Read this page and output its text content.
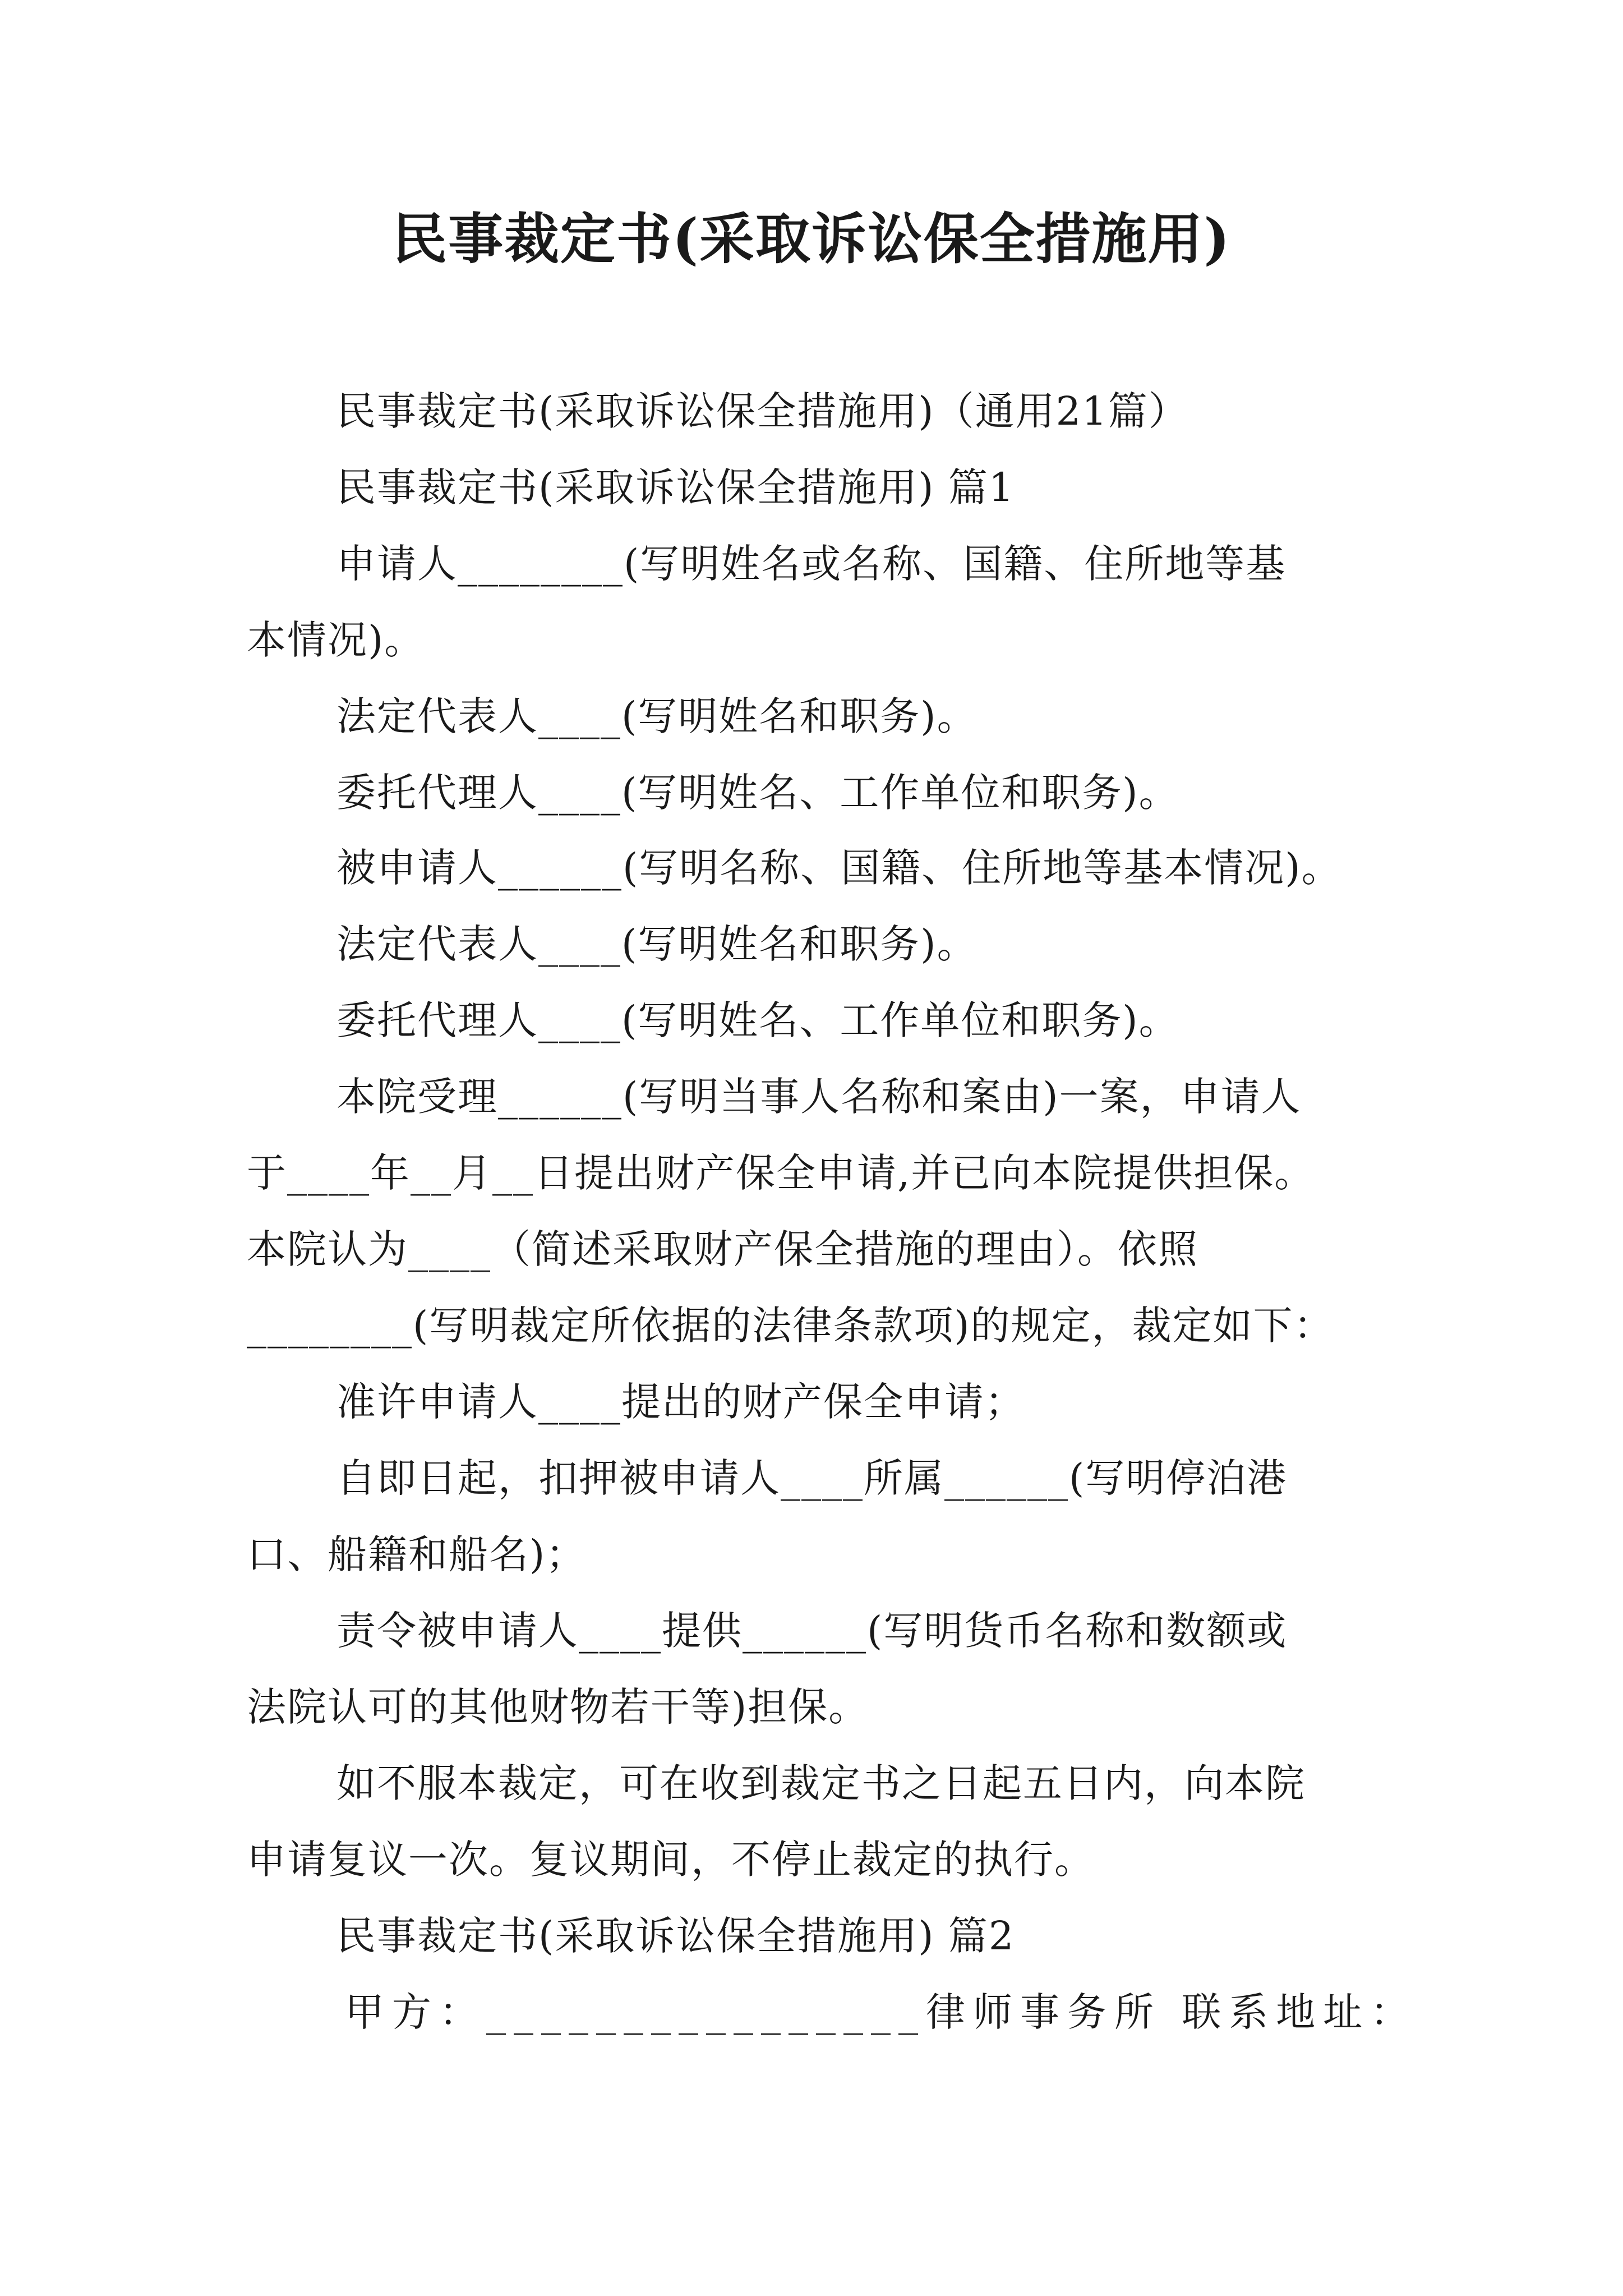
民事裁定书(采取诉讼保全措施用)
民事裁定书(采取诉讼保全措施用)（通用21篇）
民事裁定书(采取诉讼保全措施用) 篇1
申请人________(写明姓名或名称、国籍、住所地等基
本情况)。
法定代表人____(写明姓名和职务)。
委托代理人____(写明姓名、工作单位和职务)。
被申请人______(写明名称、国籍、住所地等基本情况)。
法定代表人____(写明姓名和职务)。
委托代理人____(写明姓名、工作单位和职务)。
本院受理______(写明当事人名称和案由)一案，申请人
于____年__月__日提出财产保全申请,并已向本院提供担保。
本院认为____（简述采取财产保全措施的理由）。依照
________(写明裁定所依据的法律条款项)的规定，裁定如下：
准许申请人____提出的财产保全申请；
自即日起，扣押被申请人____所属______(写明停泊港
口、船籍和船名)；
责令被申请人____提供______(写明货币名称和数额或
法院认可的其他财物若干等)担保。
如不服本裁定，可在收到裁定书之日起五日内，向本院
申请复议一次。复议期间，不停止裁定的执行。
民事裁定书(采取诉讼保全措施用) 篇2
甲方：________________律师事务所 联系地址：
